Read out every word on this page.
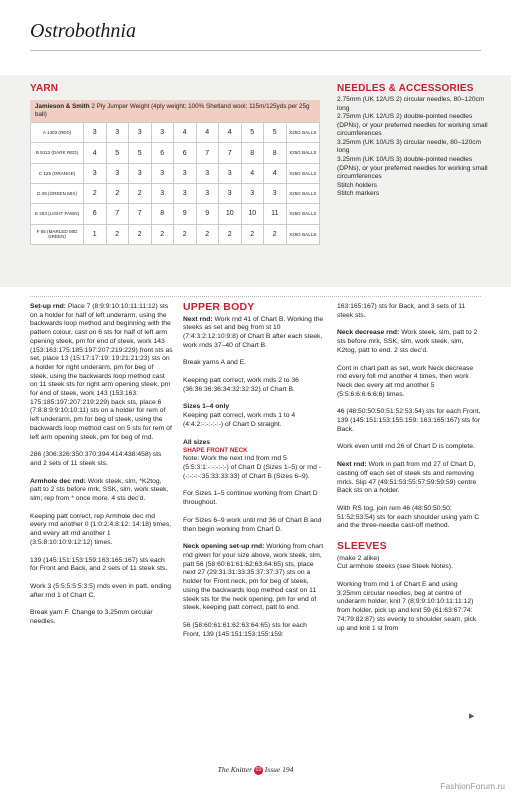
Ostrobothnia
YARN
Jamieson & Smith 2 Ply Jumper Weight (4ply weight; 100% Shetland wool; 115m/125yds per 25g ball)
A 1403 (RED)	3	3	3	3	4	4	4	5	5	X25G BALLS
B 9113 (DARK RED)	4	5	5	6	6	7	7	8	8	X25G BALLS
C 125 (ORANGE)	3	3	3	3	3	3	3	4	4	X25G BALLS
D 29 (GREEN MIX)	2	2	2	3	3	3	3	3	3	X25G BALLS
E 202 (LIGHT FAWN)	6	7	7	8	9	9	10	10	11	X25G BALLS
F 65 (MARLED MID GREEN)	1	2	2	2	2	2	2	2	2	X25G BALLS
NEEDLES & ACCESSORIES
2.75mm (UK 12/US 2) circular needles, 80–120cm long
2.75mm (UK 12/US 2) double-pointed needles (DPNs), or your preferred needles for working small circumferences
3.25mm (UK 10/US 3) circular needle, 80–120cm long
3.25mm (UK 10/US 3) double-pointed needles (DPNs), or your preferred needles for working small circumferences
Stitch holders
Stitch markers

Set-up rnd: Place 7 (8:9:9:10:10:11:11:12) sts on a holder for half of left underarm, using the backwards loop method and beginning with the pattern colour, cast on 6 sts for half of left arm opening steek, pm for end of steek, work 143 (153:163:175:185:197:207:219:229) front sts as set, place 13 (15:17:17:19: 19:21:21:23) sts on a holder for right underarm, pm for beg of steek, using the backwards loop method cast on 11 steek sts for right arm opening steek, pm for end of steek, work 143 (153:163: 175:185:197:207:219:229) back sts, place 6 (7:8:8:9:9:10:10:11) sts on a holder for rem of left underarm, pm for beg of steek, using the backwards loop method cast on 5 sts for rem of left arm opening steek, pm for beg of rnd.

286 (306:326:350:370:394:414:438:458) sts and 2 sets of 11 steek sts.

Armhole dec rnd: Work steek, slm, *K2tog, patt to 2 sts before mrk, SSK, slm, work steek, slm; rep from * once more. 4 sts dec'd.

Keeping patt correct, rep Armhole dec rnd every rnd another 0 (1:0:2:4:8:12: 14:18) times, and every alt rnd another 1 (3:5:8:10:10:9:12:12) times.

139 (145:151:153:159:163:165:167) sts each for Front and Back, and 2 sets of 11 steek sts.

Work 3 (5:5:5:5:5:3:5) rnds even in patt, ending after rnd 1 of Chart C.

Break yarn F. Change to 3.25mm circular needles.

UPPER BODY

Next rnd: Work rnd 41 of Chart B. Working the steeks as set and beg from st 10 (7:4:3:2:12:10:9:8) of Chart B after each steek, work rnds 37–40 of Chart B.

Break yarns A and E.

Keeping patt correct, work rnds 2 to 36 (36:36:36:36:34:32:32:32) of Chart B.

Sizes 1–4 only

Keeping patt correct, work rnds 1 to 4 (4:4:2:-:-:-:-:-) of Chart D straight.

All sizes
SHAPE FRONT NECK

Note: Work the next rnd from rnd 5 (5:5:3:1:-:-:-:-:-) of Chart D (Sizes 1–5) or rnd - (-:-:-:-:35:33:33:33) of Chart B (Sizes 6–9).

For Sizes 1–5 continue working from Chart D throughout.

For Sizes 6–9 work until rnd 36 of Chart B and then begin working from Chart D.

Neck opening set-up rnd: Working from chart rnd given for your size above, work steek, slm, patt 56 (58:60:61:61:62:63:64:65) sts, place next 27 (29:31:31:33:35:37:37:37) sts on a holder for Front neck, pm for beg of steek, using the backwards loop method cast on 11 steek sts for the neck opening, pm for end of steek, keeping patt correct, patt to end.

56 (58:60:61:61:62:63:64:65) sts for each Front, 139 (145:151:153:155:159:

163:165:167) sts for Back, and 3 sets of 11 steek sts.

Neck decrease rnd: Work steek, slm, patt to 2 sts before mrk, SSK, slm, work steek, slm, K2tog, patt to end. 2 sts dec'd.

Cont in chart patt as set, work Neck decrease rnd every foll rnd another 4 times, then work Neck dec every alt rnd another 5 (5:5:6:6:6:6:6:6) times.

46 (48:50:50:50:51:52:53:54) sts for each Front, 139 (145:151:153:155:159: 163:165:167) sts for Back.

Work even until rnd 26 of Chart D is complete.

Next rnd: Work in patt from rnd 27 of Chart D, casting off each set of steek sts and removing mrks. Slip 47 (49:51:53:55:57:59:59:59) centre Back sts on a holder.

With RS tog, join rem 46 (48:50:50:50: 51:52:53:54) sts for each shoulder using yarn C and the three-needle cast-off method.

SLEEVES
(make 2 alike)

Cut armhole steeks (see Steek Notes).

Working from rnd 1 of Chart E and using 3.25mm circular needles, beg at centre of underarm holder, knit 7 (8:9:9:10:10:11:11:12) from holder, pick up and knit 59 (61:63:67:74: 74:79:82:87) sts evenly to shoulder seam, pick up and knit 1 st from

▶
The Knitter 03 Issue 194
FashionForum.ru
